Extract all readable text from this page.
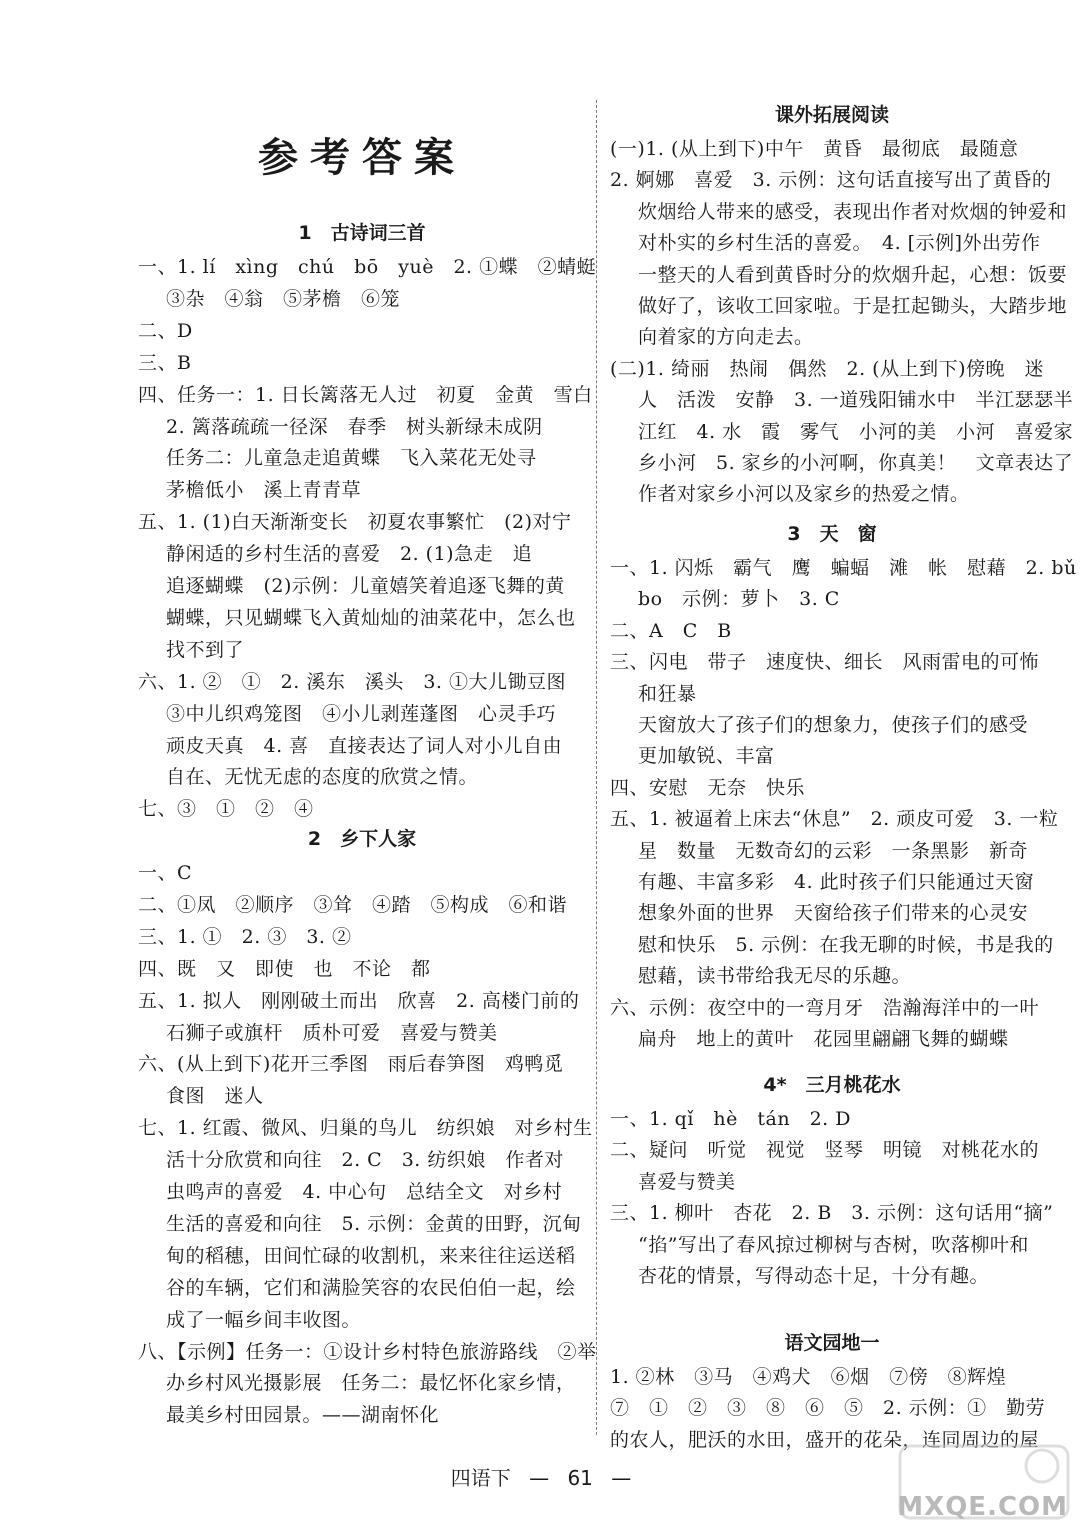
参考答案
1　古诗词三首
一、1. lí　xìng　chú　bō　yuè　2. ①蝶　②蜻蜓
③杂　④翁　⑤茅檐　⑥笼
二、D
三、B
四、任务一：1. 日长篱落无人过　初夏　金黄　雪白
2. 篱落疏疏一径深　春季　树头新绿未成阴
任务二：儿童急走追黄蝶　飞入菜花无处寻
茅檐低小　溪上青青草
五、1. (1)白天渐渐变长　初夏农事繁忙　(2)对宁
静闲适的乡村生活的喜爱　2. (1)急走　追
追逐蝴蝶　(2)示例：儿童嬉笑着追逐飞舞的黄
蝴蝶，只见蝴蝶飞入黄灿灿的油菜花中，怎么也
找不到了
六、1. ②　①　2. 溪东　溪头　3. ①大儿锄豆图
③中儿织鸡笼图　④小儿剥莲蓬图　心灵手巧
顽皮天真　4. 喜　直接表达了词人对小儿自由
自在、无忧无虑的态度的欣赏之情。
七、③　①　②　④
2　乡下人家
一、C
二、①凤　②顺序　③耸　④踏　⑤构成　⑥和谐
三、1. ①　2. ③　3. ②
四、既　又　即使　也　不论　都
五、1. 拟人　刚刚破土而出　欣喜　2. 高楼门前的
石狮子或旗杆　质朴可爱　喜爱与赞美
六、(从上到下)花开三季图　雨后春笋图　鸡鸭觅
食图　迷人
七、1. 红霞、微风、归巢的鸟儿　纺织娘　对乡村生
活十分欣赏和向往　2. C　3. 纺织娘　作者对
虫鸣声的喜爱　4. 中心句　总结全文　对乡村
生活的喜爱和向往　5. 示例：金黄的田野，沉甸
甸的稻穗，田间忙碌的收割机，来来往往运送稻
谷的车辆，它们和满脸笑容的农民伯伯一起，绘
成了一幅乡间丰收图。
八、【示例】任务一：①设计乡村特色旅游路线　②举
办乡村风光摄影展　任务二：最忆怀化家乡情，
最美乡村田园景。——湖南怀化
课外拓展阅读
(一)1. (从上到下)中午　黄昏　最彻底　最随意
2. 婀娜　喜爱　3. 示例：这句话直接写出了黄昏的
炊烟给人带来的感受，表现出作者对炊烟的钟爱和
对朴实的乡村生活的喜爱。　4. [示例]外出劳作
一整天的人看到黄昏时分的炊烟升起，心想：饭要
做好了，该收工回家啦。于是扛起锄头，大踏步地
向着家的方向走去。
(二)1. 绮丽　热闹　偶然　2. (从上到下)傍晚　迷
人　活泼　安静　3. 一道残阳铺水中　半江瑟瑟半
江红　4. 水　霞　雾气　小河的美　小河　喜爱家
乡小河　5. 家乡的小河啊，你真美！　文章表达了
作者对家乡小河以及家乡的热爱之情。
3　天　窗
一、1. 闪烁　霸气　鹰　蝙蝠　滩　帐　慰藉　2. bǔ
bo　示例：萝卜　3. C
二、A　C　B
三、闪电　带子　速度快、细长　风雨雷电的可怖
和狂暴
天窗放大了孩子们的想象力，使孩子们的感受
更加敏锐、丰富
四、安慰　无奈　快乐
五、1. 被逼着上床去“休息”　2. 顽皮可爱　3. 一粒
星　数量　无数奇幻的云彩　一条黑影　新奇
有趣、丰富多彩　4. 此时孩子们只能通过天窗
想象外面的世界　天窗给孩子们带来的心灵安
慰和快乐　5. 示例：在我无聊的时候，书是我的
慰藉，读书带给我无尽的乐趣。
六、示例：夜空中的一弯月牙　浩瀚海洋中的一叶
扁舟　地上的黄叶　花园里翩翩飞舞的蝴蝶
4*　三月桃花水
一、1. qǐ　hè　tán　2. D
二、疑问　听觉　视觉　竖琴　明镜　对桃花水的
喜爱与赞美
三、1. 柳叶　杏花　2. B　3. 示例：这句话用“摘”
“掐”写出了春风掠过柳树与杏树，吹落柳叶和
杏花的情景，写得动态十足，十分有趣。
语文园地一
1. ②林　③马　④鸡犬　⑥烟　⑦傍　⑧辉煌
⑦　①　②　③　⑧　⑥　⑤　2. 示例：①　勤劳
的农人，肥沃的水田，盛开的花朵，连同周边的屋
四语下 — 61 —
MXQE.COM
